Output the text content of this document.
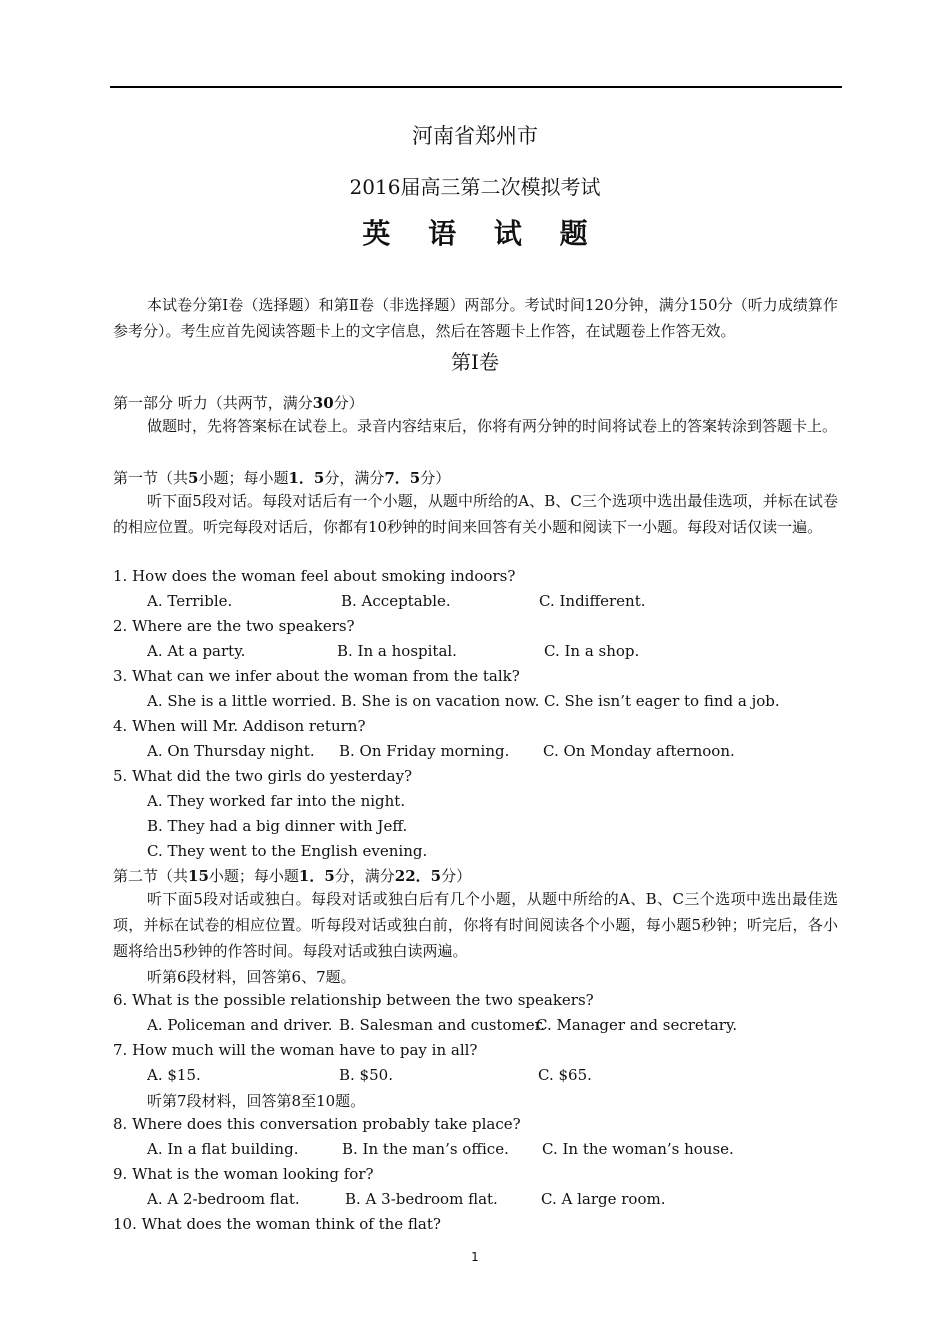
河南省郑州市
2016届高三第二次模拟考试
英 语 试 题
本试卷分第Ⅰ卷（选择题）和第Ⅱ卷（非选择题）两部分。考试时间120分钟，满分150分（听力成绩算作参考分）。考生应首先阅读答题卡上的文字信息，然后在答题卡上作答，在试题卷上作答无效。
第Ⅰ卷
第一部分 听力（共两节，满分30分）
做题时，先将答案标在试卷上。录音内容结束后，你将有两分钟的时间将试卷上的答案转涂到答题卡上。
第一节（共5小题；每小题1．5分，满分7．5分）
听下面5段对话。每段对话后有一个小题，从题中所给的A、B、C三个选项中选出最佳选项，并标在试卷的相应位置。听完每段对话后，你都有10秒钟的时间来回答有关小题和阅读下一小题。每段对话仅读一遍。
1. How does the woman feel about smoking indoors?
A. Terrible.	B. Acceptable.	C. Indifferent.
2. Where are the two speakers?
A. At a party.	B. In a hospital.	C. In a shop.
3. What can we infer about the woman from the talk?
A. She is a little worried. B. She is on vacation now. C. She isn’t eager to find a job.
4. When will Mr. Addison return?
A. On Thursday night. B. On Friday morning. C. On Monday afternoon.
5. What did the two girls do yesterday?
A. They worked far into the night.
B. They had a big dinner with Jeff.
C. They went to the English evening.
第二节（共15小题；每小题1．5分，满分22．5分）
听下面5段对话或独白。每段对话或独白后有几个小题，从题中所给的A、B、C三个选项中选出最佳选项，并标在试卷的相应位置。听每段对话或独白前，你将有时间阅读各个小题，每小题5秒钟；听完后，各小题将给出5秒钟的作答时间。每段对话或独白读两遍。
听第6段材料，回答第6、7题。
6. What is the possible relationship between the two speakers?
A. Policeman and driver. B. Salesman and customer.
C. Manager and secretary.
7. How much will the woman have to pay in all?
A. $15.	B. $50.	C. $65.
听第7段材料，回答第8至10题。
8. Where does this conversation probably take place?
A. In a flat building.	B. In the man’s office. C. In the woman’s house.
9. What is the woman looking for?
A. A 2-bedroom flat.	B. A 3-bedroom flat.	C. A large room.
10. What does the woman think of the flat?
1
